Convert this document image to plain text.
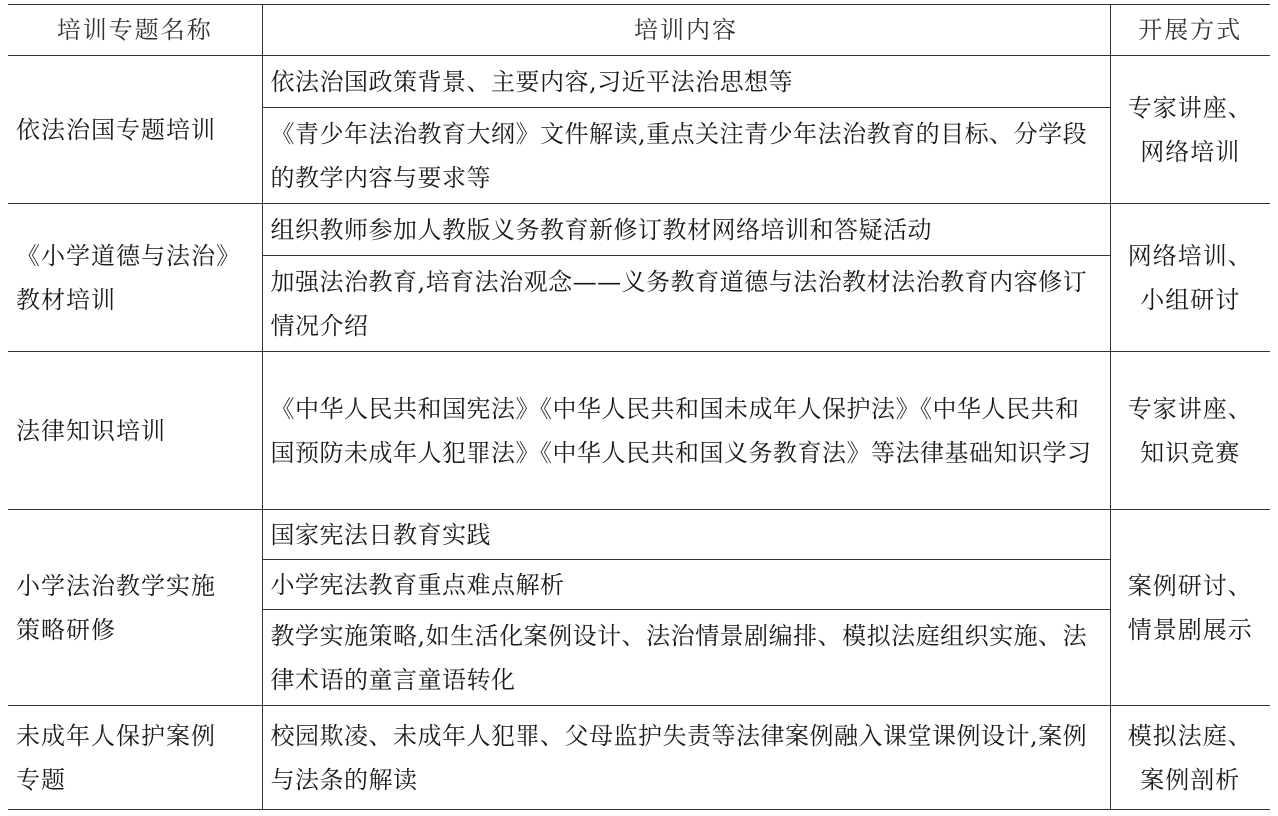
培训专题名称	培训内容	开展方式

依法治国专题培训	依法治国政策背景、主要内容,习近平法治思想等	专家讲座、
网络培训

	《青少年法治教育大纲》文件解读,重点关注青少年法治教育的目标、分学段的教学内容与要求等	

《小学道德与法治》
教材培训	组织教师参加人教版义务教育新修订教材网络培训和答疑活动	网络培训、
小组研讨

	加强法治教育,培育法治观念——义务教育道德与法治教材法治教育内容修订情况介绍	

法律知识培训	《中华人民共和国宪法》《中华人民共和国未成年人保护法》《中华人民共和国预防未成年人犯罪法》《中华人民共和国义务教育法》等法律基础知识学习	专家讲座、
知识竞赛

小学法治教学实施
策略研修	国家宪法日教育实践	案例研讨、
情景剧展示

	小学宪法教育重点难点解析	
	教学实施策略,如生活化案例设计、法治情景剧编排、模拟法庭组织实施、法律术语的童言童语转化	

未成年人保护案例
专题	校园欺凌、未成年人犯罪、父母监护失责等法律案例融入课堂课例设计,案例与法条的解读	模拟法庭、
案例剖析
